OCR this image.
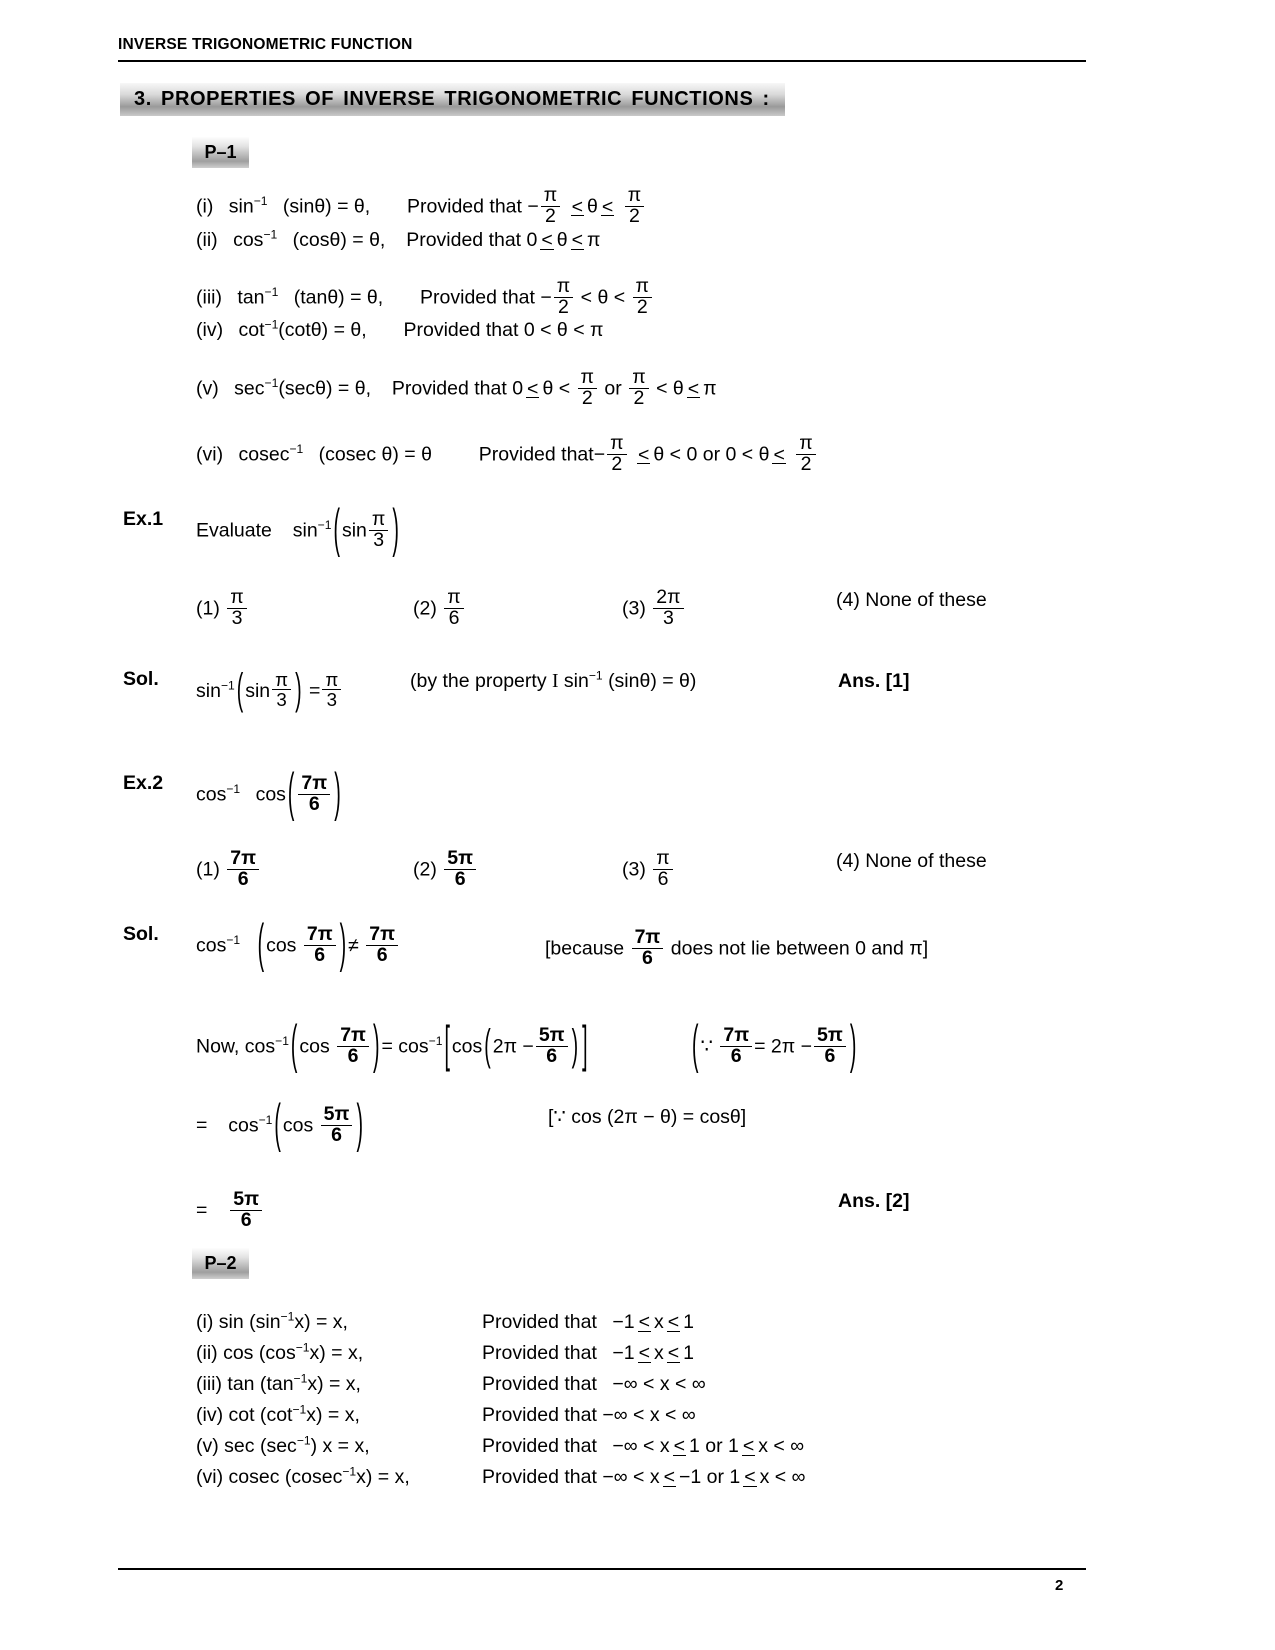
INVERSE TRIGONOMETRIC FUNCTION
3. PROPERTIES OF INVERSE TRIGONOMETRIC FUNCTIONS :
P–1
(i) $\sin^{-1} (\sin\theta) = \theta$,  Provided that − $\frac{\pi}{2} < \theta < \frac{\pi}{2}$
(ii) $\cos^{-1} (\cos\theta) = \theta$,  Provided that 0 < θ < π
(iii) $\tan^{-1} (\tan\theta) = \theta$,  Provided that − $\frac{\pi}{2} < \theta < \frac{\pi}{2}$
(iv) $\cot^{-1}(\cot\theta) = \theta$,  Provided that 0 < θ < π
(v) $\sec^{-1}(\sec\theta) = \theta$,  Provided that $0 < \theta < \frac{\pi}{2}$ or $\frac{\pi}{2} < \theta < \pi$
(vi) cosec$^{-1}$ (cosec θ) = θ Provided that− $\frac{\pi}{2} < \theta < 0$ or $0 < \theta < \frac{\pi}{2}$
Ex.1
Evaluate $\sin^{-1}$ ( $\sin \frac{\pi}{3}$ )
$(1) \frac{\pi}{3}$	$(2) \frac{\pi}{6}$	$(3) \frac{2\pi}{3}$	(4) None of these
Sol.
$\sin^{-1}$ ( $\sin \frac{\pi}{3}$ ) = $\frac{\pi}{3}$	(by the property I $\sin^{-1} (\sin\theta) = \theta$)	Ans. [1]
Ex.2
$\cos^{-1} \cos$ ( $\frac{7\pi}{6}$ )
$(1) \frac{7\pi}{6}$	$(2) \frac{5\pi}{6}$	$(3) \frac{\pi}{6}$	(4) None of these
Sol.
$\cos^{-1}$ ( $\cos \frac{7\pi}{6}$ ) ≠ $\frac{7\pi}{6}$	[because $\frac{7\pi}{6}$ does not lie between 0 and π]
Now, $\cos^{-1}$ ( $\cos \frac{7\pi}{6}$ ) = $\cos^{-1}$ [ cos ( $2\pi - \frac{5\pi}{6}$ ) ]	( ∵ $\frac{7\pi}{6} = 2\pi - \frac{5\pi}{6}$ )
= $\cos^{-1}$ ( $\cos \frac{5\pi}{6}$ )	[∵ cos (2π − θ) = cosθ]
= $\frac{5\pi}{6}$	Ans. [2]
P–2
(i) $\sin (\sin^{-1}x) = x$,	Provided that −1 < x < 1
(ii) $\cos (\cos^{-1}x) = x$,	Provided that −1 < x < 1
(iii) $\tan (\tan^{-1}x) = x$,	Provided that −∞ < x < ∞
(iv) $\cot (\cot^{-1}x) = x$,	Provided that −∞ < x < ∞
(v) $\sec (\sec^{-1}) x = x$,	Provided that −∞ < x < 1 or 1 < x < ∞
(vi) cosec (cosec$^{-1}$x) = x,	Provided that −∞ < x < −1 or 1 < x < ∞
2
